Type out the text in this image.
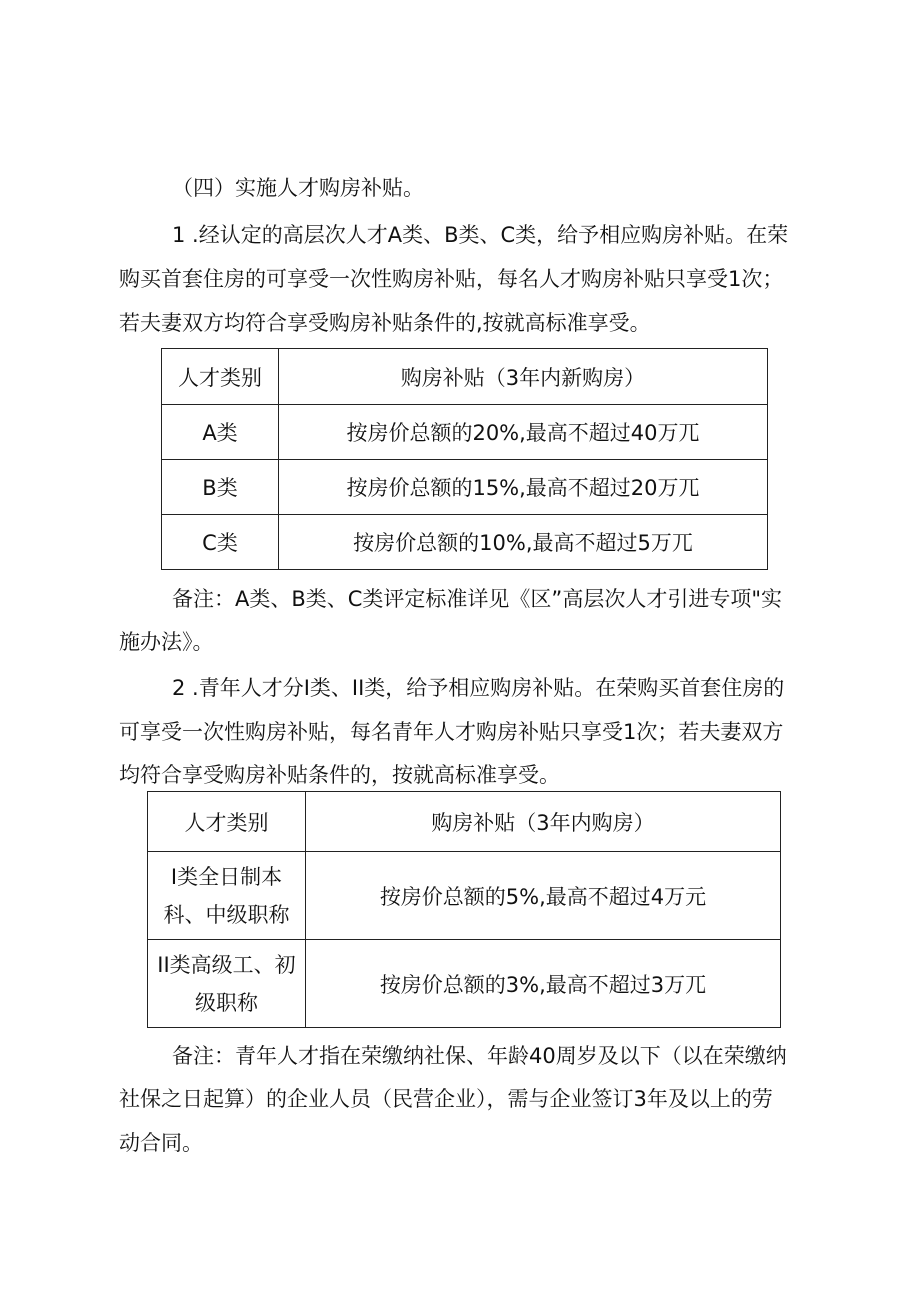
（四）实施人才购房补贴。

1 .经认定的高层次人才A类、B类、C类，给予相应购房补贴。在荣

购买首套住房的可享受一次性购房补贴，每名人才购房补贴只享受1次；

若夫妻双方均符合享受购房补贴条件的,按就高标准享受。

人才类别	购房补贴（3年内新购房）
A类	按房价总额的20%,最高不超过40万兀
B类	按房价总额的15%,最高不超过20万兀
C类	按房价总额的10%,最高不超过5万兀

备注：A类、B类、C类评定标准详见《区”高层次人才引进专项"实

施办法》。

2 .青年人才分I类、II类，给予相应购房补贴。在荣购买首套住房的

可享受一次性购房补贴，每名青年人才购房补贴只享受1次；若夫妻双方

均符合享受购房补贴条件的，按就高标准享受。

人才类别	购房补贴（3年内购房）

I类全日制本
科、中级职称	按房价总额的5%,最高不超过4万元

II类高级工、初
级职称	按房价总额的3%,最高不超过3万兀

备注：青年人才指在荣缴纳社保、年龄40周岁及以下（以在荣缴纳

社保之日起算）的企业人员（民营企业），需与企业签订3年及以上的劳

动合同。
